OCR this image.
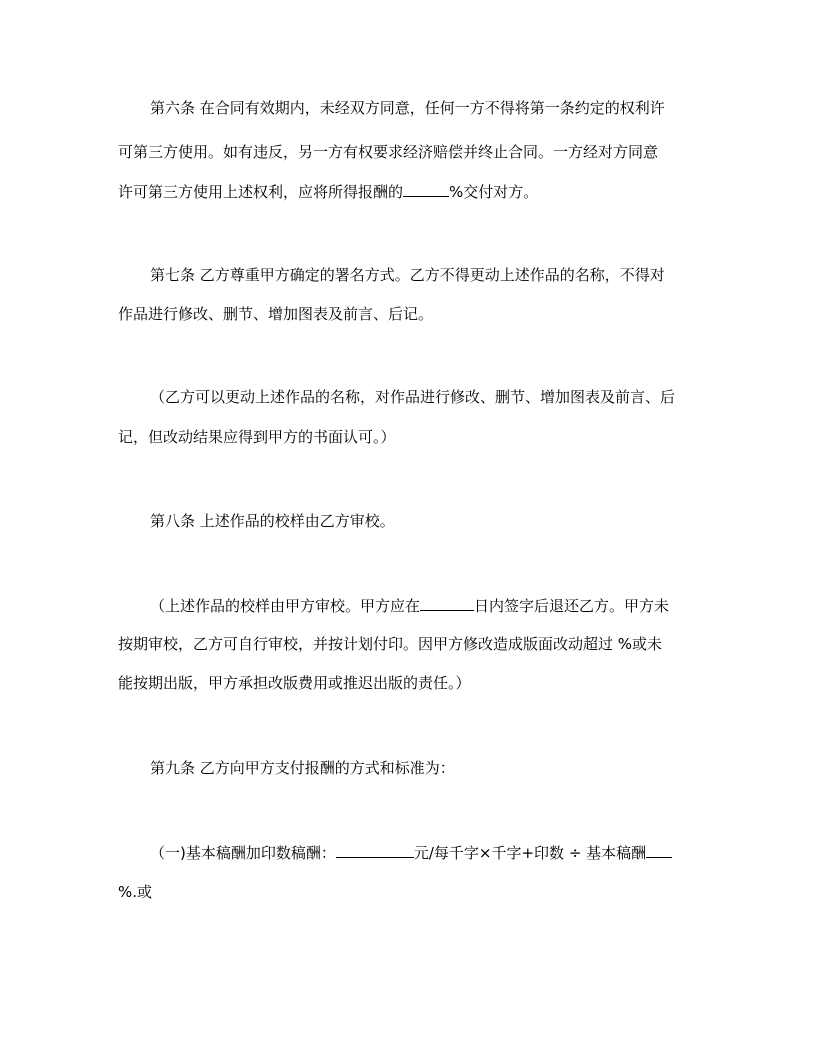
第六条 在合同有效期内，未经双方同意，任何一方不得将第一条约定的权利许
可第三方使用。如有违反，另一方有权要求经济赔偿并终止合同。一方经对方同意
许可第三方使用上述权利，应将所得报酬的	%交付对方。
第七条 乙方尊重甲方确定的署名方式。乙方不得更动上述作品的名称，不得对
作品进行修改、删节、增加图表及前言、后记。
（乙方可以更动上述作品的名称，对作品进行修改、删节、增加图表及前言、后
记，但改动结果应得到甲方的书面认可。）
第八条 上述作品的校样由乙方审校。
（上述作品的校样由甲方审校。甲方应在	日内签字后退还乙方。甲方未
按期审校，乙方可自行审校，并按计划付印。因甲方修改造成版面改动超过 %或未
能按期出版，甲方承担改版费用或推迟出版的责任。）
第九条 乙方向甲方支付报酬的方式和标准为：
（一)基本稿酬加印数稿酬：	元/每千字×千字+印数 ÷ 基本稿酬
%.或
